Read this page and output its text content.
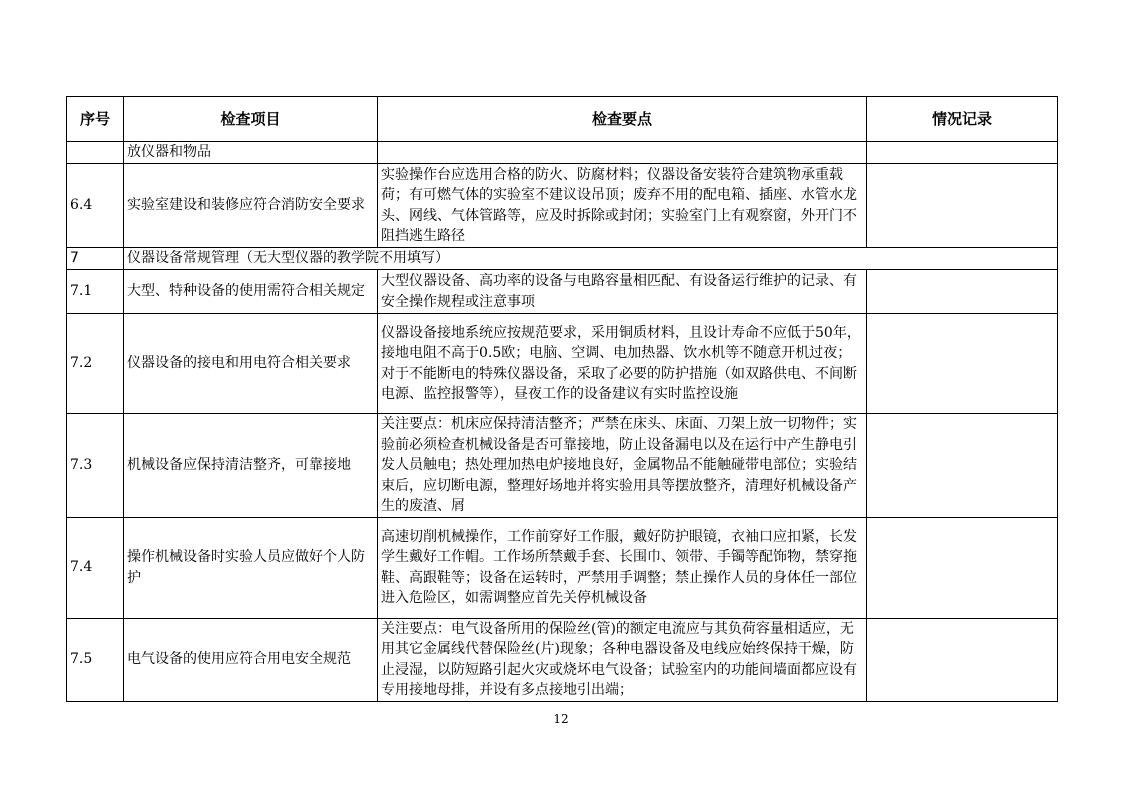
序号	检查项目	检查要点	情况记录
	放仪器和物品		
6.4	实验室建设和装修应符合消防安全要求	实验操作台应选用合格的防火、防腐材料；仪器设备安装符合建筑物承重载荷；有可燃气体的实验室不建议设吊顶；废弃不用的配电箱、插座、水管水龙头、网线、气体管路等，应及时拆除或封闭；实验室门上有观察窗，外开门不阻挡逃生路径	
7	仪器设备常规管理（无大型仪器的教学院不用填写）		
7.1	大型、特种设备的使用需符合相关规定	大型仪器设备、高功率的设备与电路容量相匹配、有设备运行维护的记录、有安全操作规程或注意事项	
7.2	仪器设备的接电和用电符合相关要求	仪器设备接地系统应按规范要求，采用铜质材料，且设计寿命不应低于50年，接地电阻不高于0.5欧；电脑、空调、电加热器、饮水机等不随意开机过夜；对于不能断电的特殊仪器设备，采取了必要的防护措施（如双路供电、不间断电源、监控报警等），昼夜工作的设备建议有实时监控设施	
7.3	机械设备应保持清洁整齐，可靠接地	关注要点：机床应保持清洁整齐；严禁在床头、床面、刀架上放一切物件；实验前必须检查机械设备是否可靠接地，防止设备漏电以及在运行中产生静电引发人员触电；热处理加热电炉接地良好，金属物品不能触碰带电部位；实验结束后，应切断电源，整理好场地并将实验用具等摆放整齐，清理好机械设备产生的废渣、屑	
7.4	操作机械设备时实验人员应做好个人防护	高速切削机械操作，工作前穿好工作服，戴好防护眼镜，衣袖口应扣紧，长发学生戴好工作帽。工作场所禁戴手套、长围巾、领带、手镯等配饰物，禁穿拖鞋、高跟鞋等；设备在运转时，严禁用手调整；禁止操作人员的身体任一部位进入危险区，如需调整应首先关停机械设备	
7.5	电气设备的使用应符合用电安全规范	关注要点：电气设备所用的保险丝(管)的额定电流应与其负荷容量相适应，无用其它金属线代替保险丝(片)现象；各种电器设备及电线应始终保持干燥，防止浸湿，以防短路引起火灾或烧坏电气设备；试验室内的功能间墙面都应设有专用接地母排，并设有多点接地引出端；	
12
